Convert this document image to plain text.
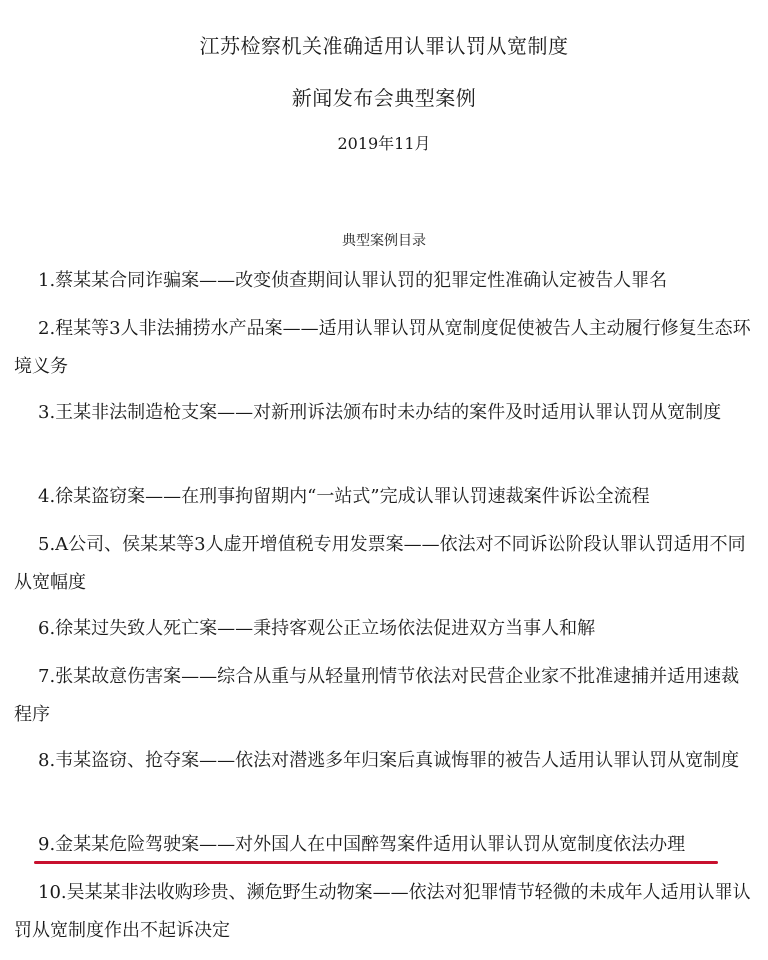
江苏检察机关准确适用认罪认罚从宽制度
新闻发布会典型案例
2019年11月
典型案例目录
1.蔡某某合同诈骗案——改变侦查期间认罪认罚的犯罪定性准确认定被告人罪名
2.程某等3人非法捕捞水产品案——适用认罪认罚从宽制度促使被告人主动履行修复生态环境义务
3.王某非法制造枪支案——对新刑诉法颁布时未办结的案件及时适用认罪认罚从宽制度
4.徐某盗窃案——在刑事拘留期内“一站式”完成认罪认罚速裁案件诉讼全流程
5.A公司、侯某某等3人虚开增值税专用发票案——依法对不同诉讼阶段认罪认罚适用不同从宽幅度
6.徐某过失致人死亡案——秉持客观公正立场依法促进双方当事人和解
7.张某故意伤害案——综合从重与从轻量刑情节依法对民营企业家不批准逮捕并适用速裁程序
8.韦某盗窃、抢夺案——依法对潜逃多年归案后真诚悔罪的被告人适用认罪认罚从宽制度
9.金某某危险驾驶案——对外国人在中国醉驾案件适用认罪认罚从宽制度依法办理
10.吴某某非法收购珍贵、濒危野生动物案——依法对犯罪情节轻微的未成年人适用认罪认罚从宽制度作出不起诉决定
